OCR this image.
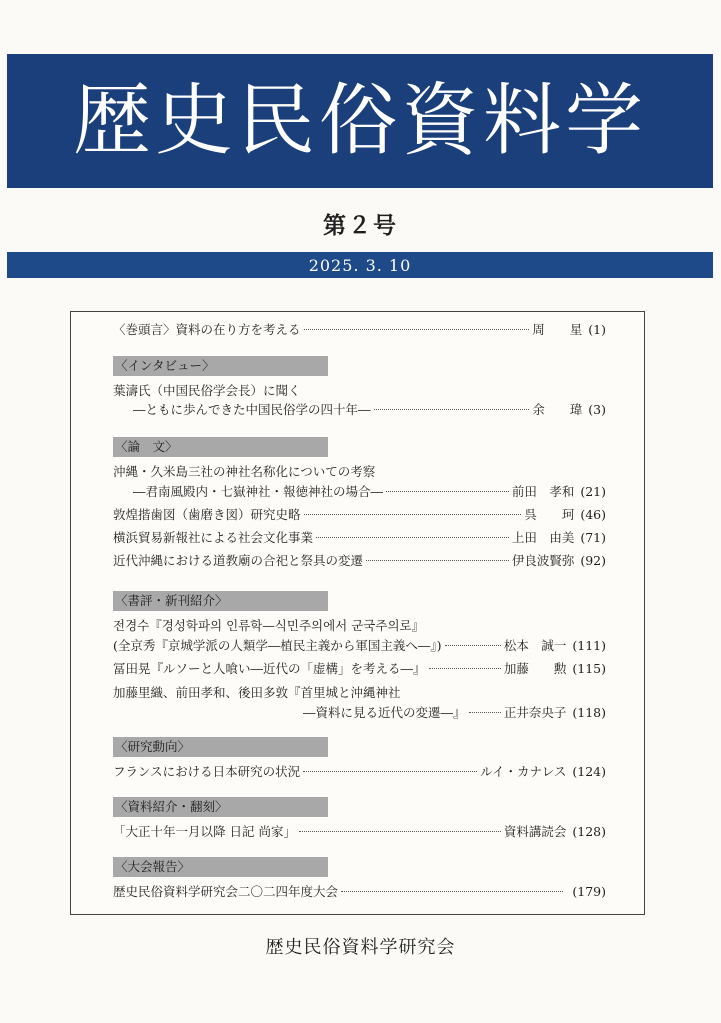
歴史民俗資料学
第２号
2025. 3. 10
〈巻頭言〉資料の在り方を考える	周　　星 (1)
〈インタビュー〉
葉濤氏（中国民俗学会長）に聞く
―ともに歩んできた中国民俗学の四十年―	余　　瑋 (3)
〈論　文〉
沖縄・久米島三社の神社名称化についての考察
―君南風殿内・七嶽神社・報徳神社の場合―	前田　孝和 (21)
敦煌揩歯図（歯磨き図）研究史略	呉　　珂 (46)
横浜貿易新報社による社会文化事業	上田　由美 (71)
近代沖縄における道教廟の合祀と祭具の変遷	伊良波賢弥 (92)
〈書評・新刊紹介〉
전경수『경성학파의 인류학—식민주의에서 군국주의로』
(全京秀『京城学派の人類学―植民主義から軍国主義へ―』)	松本　誠一 (111)
冨田晃『ルソーと人喰い―近代の「虚構」を考える―』	加藤　　勲 (115)
加藤里織、前田孝和、後田多敦『首里城と沖縄神社
―資料に見る近代の変遷―』	正井奈央子 (118)
〈研究動向〉
フランスにおける日本研究の状況	ルイ・カナレス (124)
〈資料紹介・翻刻〉
「大正十年一月以降 日記 尚家」	資料講読会 (128)
〈大会報告〉
歴史民俗資料学研究会二〇二四年度大会	(179)
歴史民俗資料学研究会
